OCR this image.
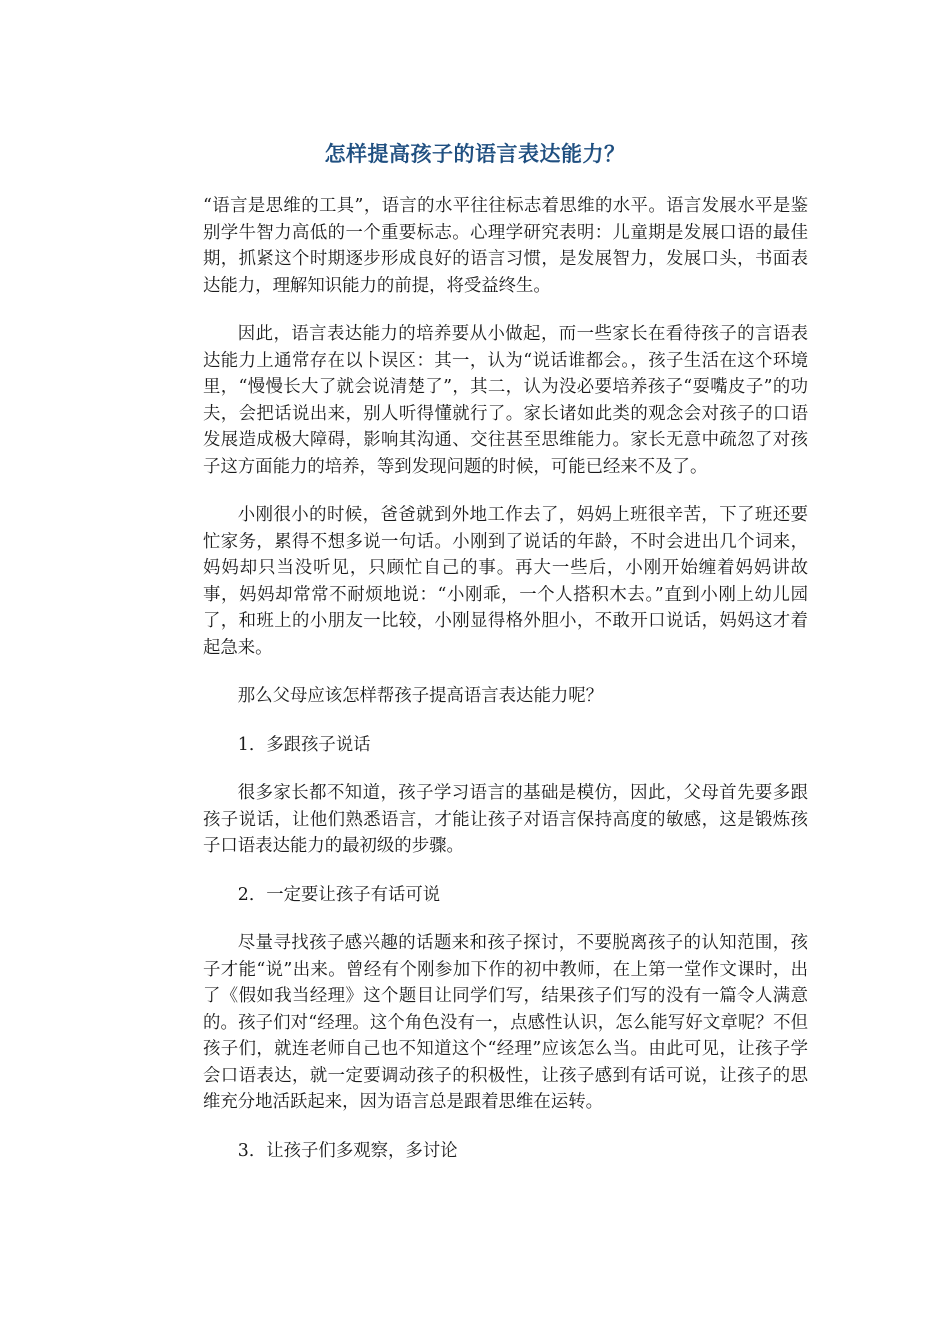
怎样提高孩子的语言表达能力？

“语言是思维的工具”，语言的水平往往标志着思维的水平。语言发展水平是鉴别学牛智力高低的一个重要标志。心理学研究表明：儿童期是发展口语的最佳期，抓紧这个时期逐步形成良好的语言习惯，是发展智力，发展口头，书面表达能力，理解知识能力的前提，将受益终生。

因此，语言表达能力的培养要从小做起，而一些家长在看待孩子的言语表达能力上通常存在以卜误区：其一，认为“说话谁都会。，孩子生活在这个环境里，“慢慢长大了就会说清楚了”，其二，认为没必要培养孩子“耍嘴皮子”的功夫，会把话说出来，别人听得懂就行了。家长诸如此类的观念会对孩子的口语发展造成极大障碍，影响其沟通、交往甚至思维能力。家长无意中疏忽了对孩子这方面能力的培养，等到发现问题的时候，可能已经来不及了。

小刚很小的时候，爸爸就到外地工作去了，妈妈上班很辛苦，下了班还要忙家务，累得不想多说一句话。小刚到了说话的年龄，不时会进出几个词来，妈妈却只当没听见，只顾忙自己的事。再大一些后，小刚开始缠着妈妈讲故事，妈妈却常常不耐烦地说：“小刚乖，一个人搭积木去。”直到小刚上幼儿园了，和班上的小朋友一比较，小刚显得格外胆小，不敢开口说话，妈妈这才着起急来。

那么父母应该怎样帮孩子提高语言表达能力呢？

1．多跟孩子说话

很多家长都不知道，孩子学习语言的基础是模仿，因此，父母首先要多跟孩子说话，让他们熟悉语言，才能让孩子对语言保持高度的敏感，这是锻炼孩子口语表达能力的最初级的步骤。

2．一定要让孩子有话可说

尽量寻找孩子感兴趣的话题来和孩子探讨，不要脱离孩子的认知范围，孩子才能“说”出来。曾经有个刚参加下作的初中教师，在上第一堂作文课时，出了《假如我当经理》这个题目让同学们写，结果孩子们写的没有一篇令人满意的。孩子们对“经理。这个角色没有一，点感性认识，怎么能写好文章呢？不但孩子们，就连老师自己也不知道这个“经理”应该怎么当。由此可见，让孩子学会口语表达，就一定要调动孩子的积极性，让孩子感到有话可说，让孩子的思维充分地活跃起来，因为语言总是跟着思维在运转。

3．让孩子们多观察，多讨论
